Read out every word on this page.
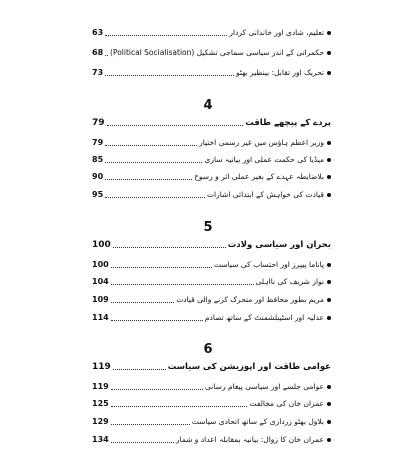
63	تعلیم، شادی اور خاندانی کردار
68 حکمرانی کے اندر سیاسی سماجی تشکیل (Political Socialisation)
73	تحریک اور تقابل: بینظیر بھٹو
4
79	پردے کے پیچھے طاقت
79	وزیر اعظم ہاؤس میں غیر رسمی اختیار
85	میڈیا کی حکمت عملی اور بیانیہ سازی
90	بلاضابطہ عہدے کے بغیر عملی اثر و رسوخ
95	قیادت کی خواہش کے ابتدائی اشارات
5
100	بحران اور سیاسی ولادت
100	پاناما پیپرز اور احتساب کی سیاست
104	نواز شریف کی نااہلی
109	مریم بطور محافظ اور متحرک کرنے والی قیادت
114	عدلیہ اور اسٹیبلشمنٹ کے ساتھ تصادم
6
119	عوامی طاقت اور اپوزیشن کی سیاست
119	عوامی جلسے اور سیاسی پیغام رسانی
125	عمران خان کی مخالفت
129	بلاول بھٹو زرداری کے ساتھ اتحادی سیاست
134	عمران خان کا زوال: بیانیہ بمقابلہ اعداد و شمار
